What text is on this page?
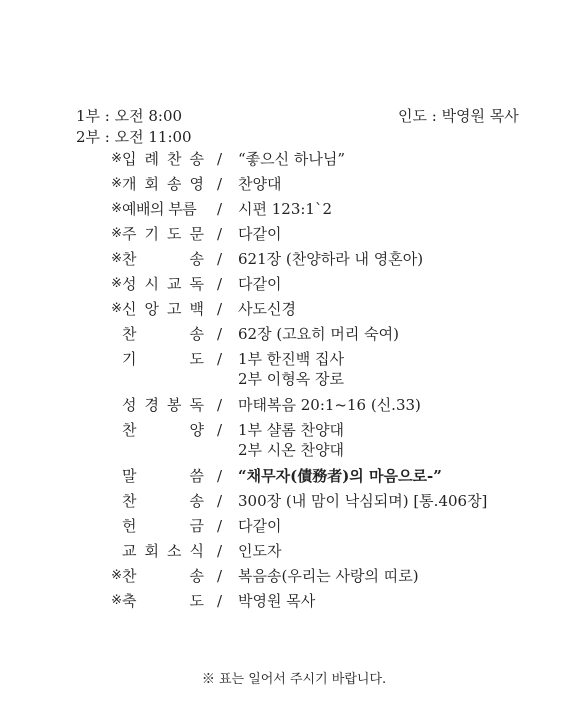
1부 : 오전 8:00
2부 : 오전 11:00
인도 : 박영원 목사
※ 입 례 찬 송 / “좋으신 하나님”
※ 개 회 송 영 / 찬양대
※ 예배의 부름 / 시편 123:1`2
※ 주 기 도 문 / 다같이
※ 찬	송 / 621장 (찬양하라 내 영혼아)
※ 성 시 교 독 / 다같이
※ 신 앙 고 백 / 사도신경
찬	송 / 62장 (고요히 머리 숙여)
기	도 / 1부 한진백 집사
2부 이형옥 장로
성 경 봉 독 / 마태복음 20:1~16 (신.33)
찬	양 / 1부 샬롬 찬양대
2부 시온 찬양대
말	씀 / “채무자(債務者)의 마음으로-”
찬	송 / 300장 (내 맘이 낙심되며) [통.406장]
헌	금 / 다같이
교 회 소 식 / 인도자
※ 찬	송 / 복음송(우리는 사랑의 띠로)
※ 축	도 / 박영원 목사
※ 표는 일어서 주시기 바랍니다.
